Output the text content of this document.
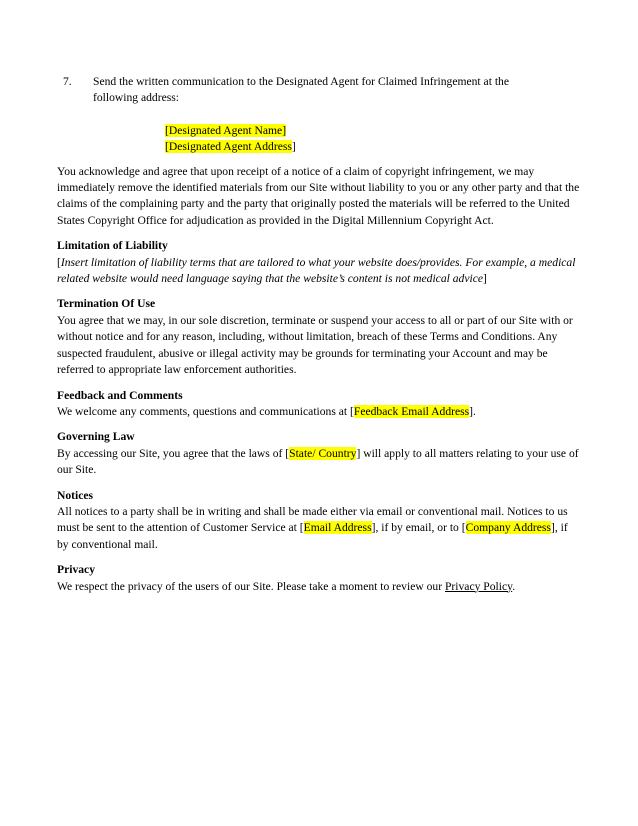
7. Send the written communication to the Designated Agent for Claimed Infringement at the
following address:

[Designated Agent Name]
[Designated Agent Address]

You acknowledge and agree that upon receipt of a notice of a claim of copyright infringement, we may immediately remove the identified materials from our Site without liability to you or any other party and that the claims of the complaining party and the party that originally posted the materials will be referred to the United States Copyright Office for adjudication as provided in the Digital Millennium Copyright Act.

Limitation of Liability

[Insert limitation of liability terms that are tailored to what your website does/provides. For example, a medical related website would need language saying that the website’s content is not medical advice]

Termination Of Use

You agree that we may, in our sole discretion, terminate or suspend your access to all or part of our Site with or without notice and for any reason, including, without limitation, breach of these Terms and Conditions. Any suspected fraudulent, abusive or illegal activity may be grounds for terminating your Account and may be referred to appropriate law enforcement authorities.

Feedback and Comments

We welcome any comments, questions and communications at [Feedback Email Address].

Governing Law

By accessing our Site, you agree that the laws of [State/ Country] will apply to all matters relating to your use of our Site.

Notices

All notices to a party shall be in writing and shall be made either via email or conventional mail. Notices to us must be sent to the attention of Customer Service at [Email Address], if by email, or to [Company Address], if by conventional mail.

Privacy

We respect the privacy of the users of our Site. Please take a moment to review our Privacy Policy.
